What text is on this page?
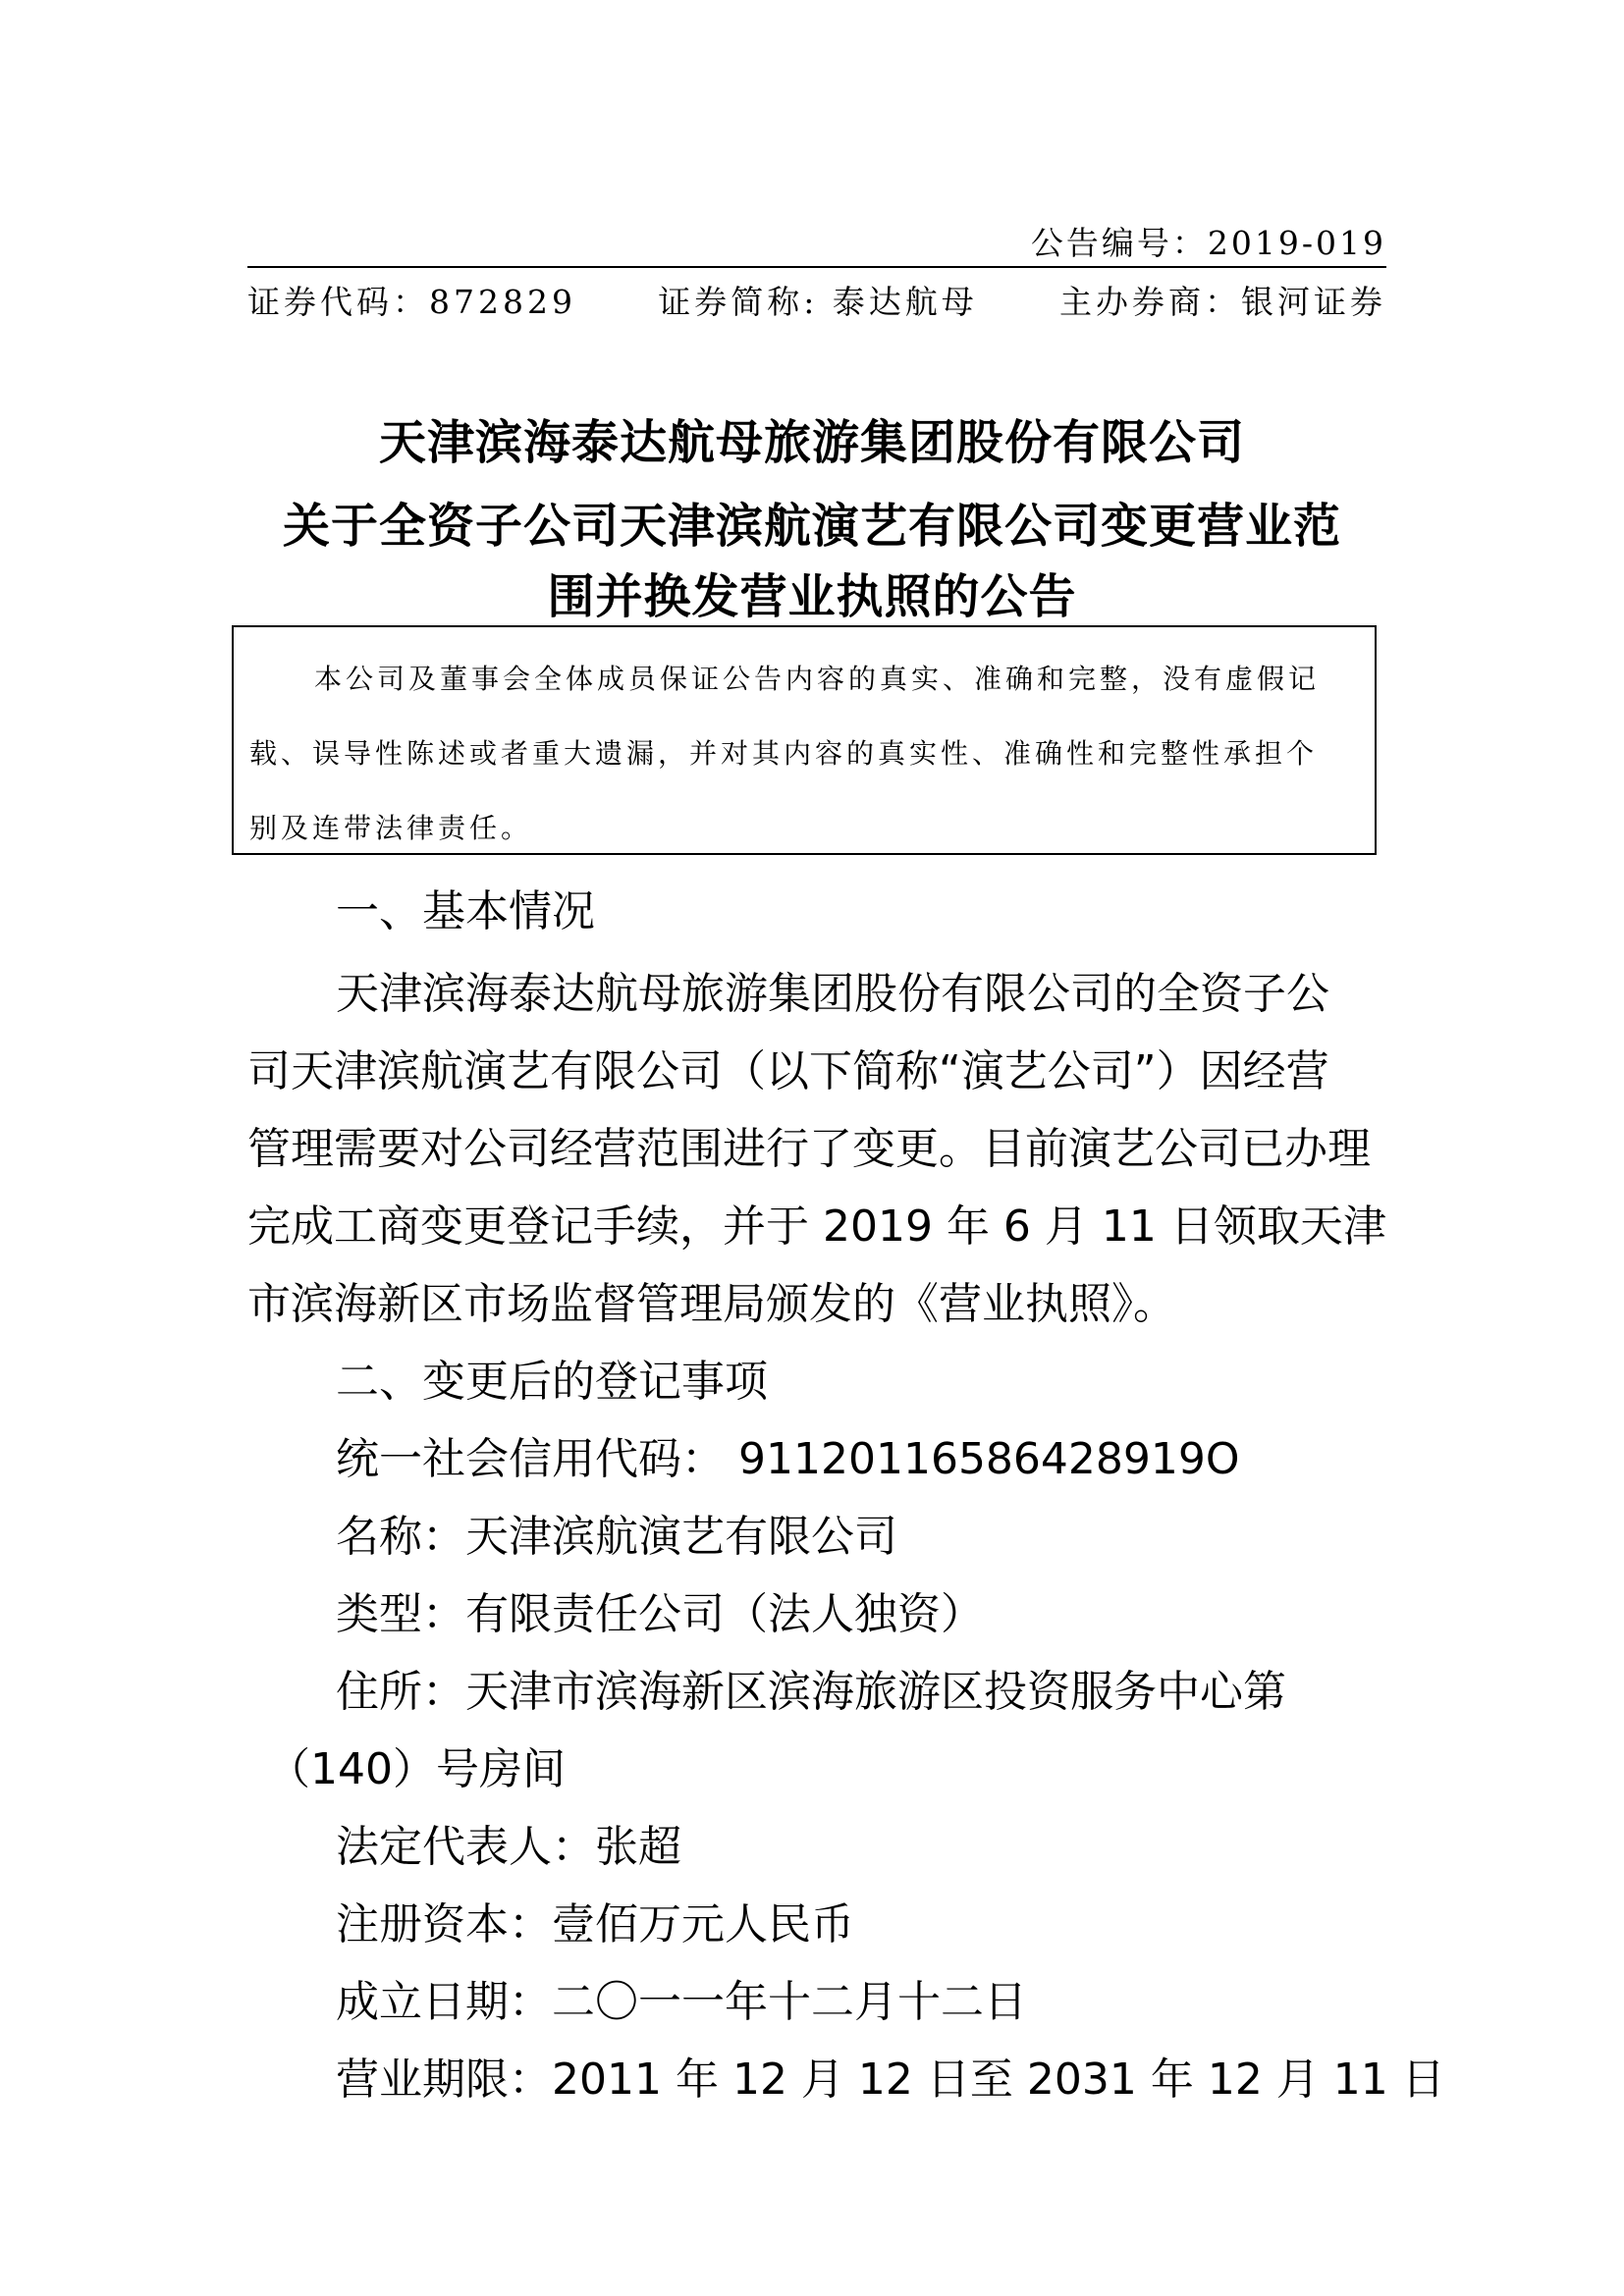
公告编号：2019-019
证券代码：872829	证券简称: 泰达航母	主办券商：银河证券
天津滨海泰达航母旅游集团股份有限公司
关于全资子公司天津滨航演艺有限公司变更营业范
围并换发营业执照的公告
本公司及董事会全体成员保证公告内容的真实、准确和完整，没有虚假记
载、误导性陈述或者重大遗漏，并对其内容的真实性、准确性和完整性承担个
别及连带法律责任。
一、基本情况
天津滨海泰达航母旅游集团股份有限公司的全资子公
司天津滨航演艺有限公司（以下简称“演艺公司”）因经营
管理需要对公司经营范围进行了变更。目前演艺公司已办理
完成工商变更登记手续，并于 2019 年 6 月 11 日领取天津
市滨海新区市场监督管理局颁发的《营业执照》。
二、变更后的登记事项
统一社会信用代码： 91120116586428919O
名称：天津滨航演艺有限公司
类型：有限责任公司（法人独资）
住所：天津市滨海新区滨海旅游区投资服务中心第
（140）号房间
法定代表人：张超
注册资本：壹佰万元人民币
成立日期：二〇一一年十二月十二日
营业期限：2011 年 12 月 12 日至 2031 年 12 月 11 日
